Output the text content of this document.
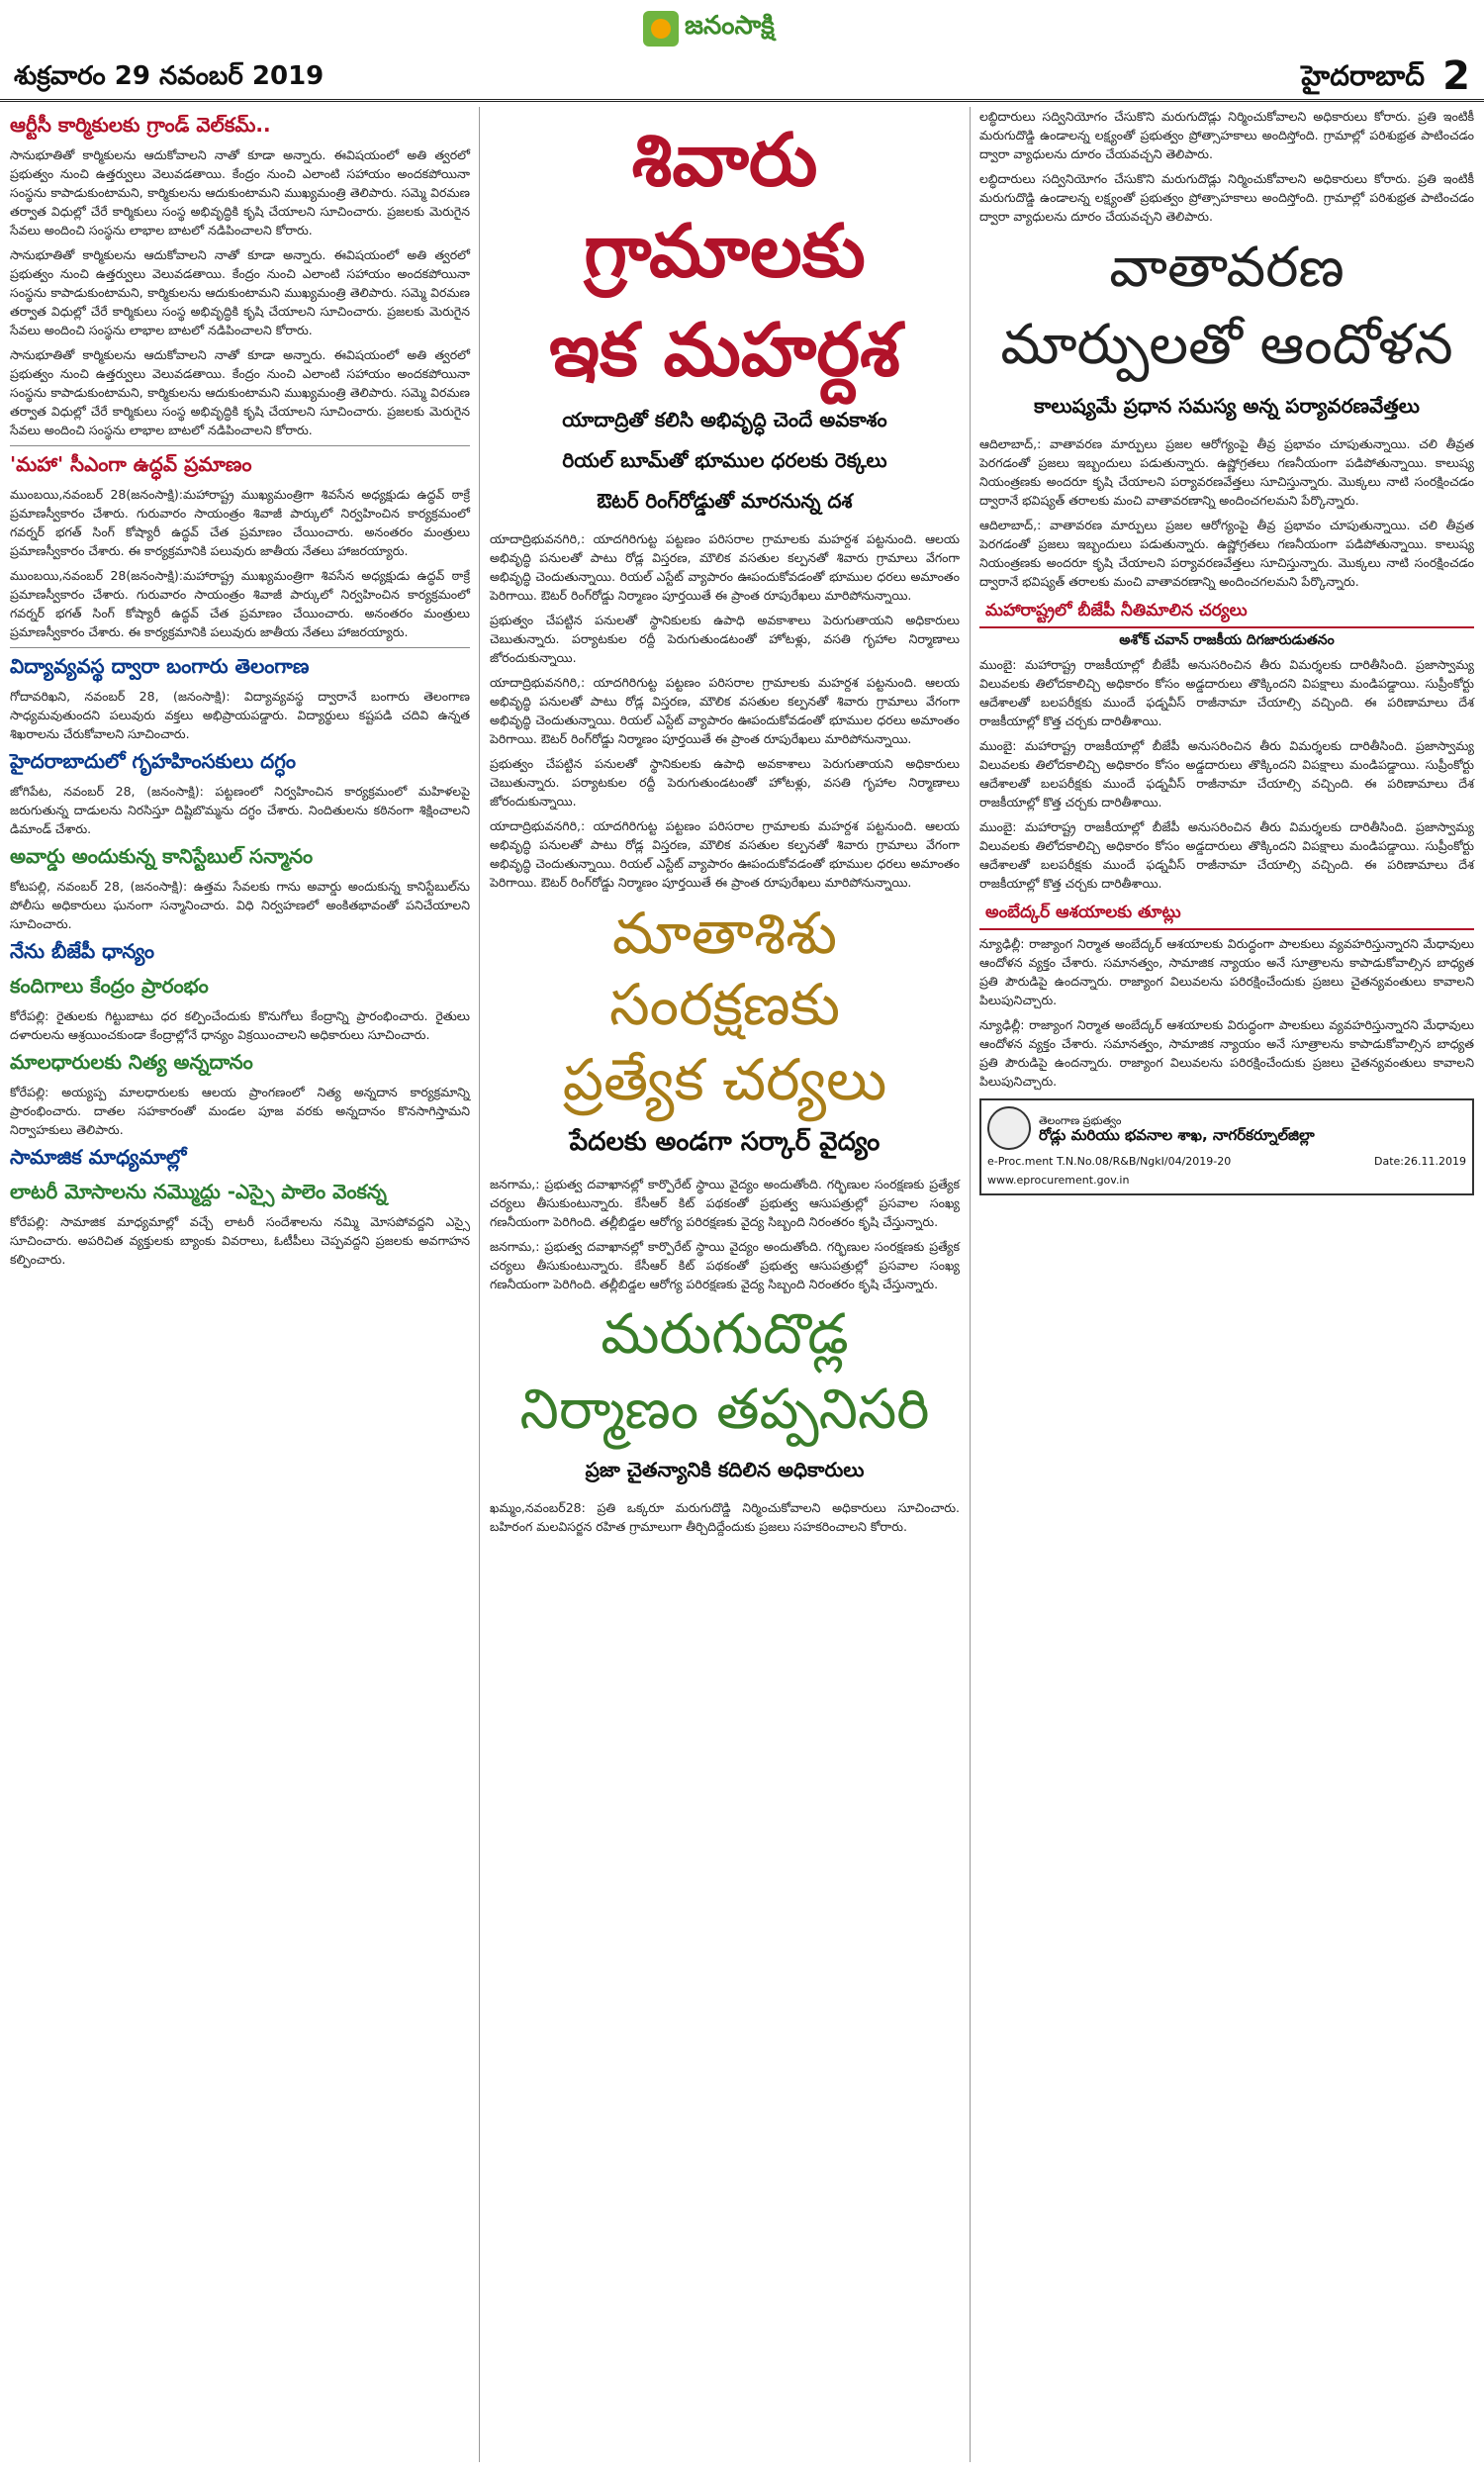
శుక్రవారం 29 నవంబర్ 2019
జనంసాక్షి
హైదరాబాద్ 2
ఆర్టీసీ కార్మికులకు గ్రాండ్ వెల్‌కమ్..

సానుభూతితో కార్మికులను ఆదుకోవాలని నాతో కూడా అన్నారు. ఈవిషయంలో అతి త్వరలో ప్రభుత్వం నుంచి ఉత్తర్వులు వెలువడతాయి. కేంద్రం నుంచి ఎలాంటి సహాయం అందకపోయినా సంస్థను కాపాడుకుంటామని, కార్మికులను ఆదుకుంటామని ముఖ్యమంత్రి తెలిపారు. సమ్మె విరమణ తర్వాత విధుల్లో చేరే కార్మికులు సంస్థ అభివృద్ధికి కృషి చేయాలని సూచించారు. ప్రజలకు మెరుగైన సేవలు అందించి సంస్థను లాభాల బాటలో నడిపించాలని కోరారు.

సానుభూతితో కార్మికులను ఆదుకోవాలని నాతో కూడా అన్నారు. ఈవిషయంలో అతి త్వరలో ప్రభుత్వం నుంచి ఉత్తర్వులు వెలువడతాయి. కేంద్రం నుంచి ఎలాంటి సహాయం అందకపోయినా సంస్థను కాపాడుకుంటామని, కార్మికులను ఆదుకుంటామని ముఖ్యమంత్రి తెలిపారు. సమ్మె విరమణ తర్వాత విధుల్లో చేరే కార్మికులు సంస్థ అభివృద్ధికి కృషి చేయాలని సూచించారు. ప్రజలకు మెరుగైన సేవలు అందించి సంస్థను లాభాల బాటలో నడిపించాలని కోరారు.

సానుభూతితో కార్మికులను ఆదుకోవాలని నాతో కూడా అన్నారు. ఈవిషయంలో అతి త్వరలో ప్రభుత్వం నుంచి ఉత్తర్వులు వెలువడతాయి. కేంద్రం నుంచి ఎలాంటి సహాయం అందకపోయినా సంస్థను కాపాడుకుంటామని, కార్మికులను ఆదుకుంటామని ముఖ్యమంత్రి తెలిపారు. సమ్మె విరమణ తర్వాత విధుల్లో చేరే కార్మికులు సంస్థ అభివృద్ధికి కృషి చేయాలని సూచించారు. ప్రజలకు మెరుగైన సేవలు అందించి సంస్థను లాభాల బాటలో నడిపించాలని కోరారు.

'మహా' సీఎంగా ఉద్ధవ్ ప్రమాణం

ముంబయి,నవంబర్ 28(జనంసాక్షి):మహారాష్ట్ర ముఖ్యమంత్రిగా శివసేన అధ్యక్షుడు ఉద్ధవ్ ఠాక్రే ప్రమాణస్వీకారం చేశారు. గురువారం సాయంత్రం శివాజీ పార్కులో నిర్వహించిన కార్యక్రమంలో గవర్నర్ భగత్ సింగ్ కోష్యారీ ఉద్ధవ్ చేత ప్రమాణం చేయించారు. అనంతరం మంత్రులు ప్రమాణస్వీకారం చేశారు. ఈ కార్యక్రమానికి పలువురు జాతీయ నేతలు హాజరయ్యారు.

ముంబయి,నవంబర్ 28(జనంసాక్షి):మహారాష్ట్ర ముఖ్యమంత్రిగా శివసేన అధ్యక్షుడు ఉద్ధవ్ ఠాక్రే ప్రమాణస్వీకారం చేశారు. గురువారం సాయంత్రం శివాజీ పార్కులో నిర్వహించిన కార్యక్రమంలో గవర్నర్ భగత్ సింగ్ కోష్యారీ ఉద్ధవ్ చేత ప్రమాణం చేయించారు. అనంతరం మంత్రులు ప్రమాణస్వీకారం చేశారు. ఈ కార్యక్రమానికి పలువురు జాతీయ నేతలు హాజరయ్యారు.

విద్యావ్యవస్థ ద్వారా బంగారు తెలంగాణ

గోదావరిఖని, నవంబర్ 28, (జనంసాక్షి): విద్యావ్యవస్థ ద్వారానే బంగారు తెలంగాణ సాధ్యమవుతుందని పలువురు వక్తలు అభిప్రాయపడ్డారు. విద్యార్థులు కష్టపడి చదివి ఉన్నత శిఖరాలను చేరుకోవాలని సూచించారు.

హైదరాబాదులో గృహహింసకులు దగ్ధం

జోగిపేట, నవంబర్ 28, (జనంసాక్షి): పట్టణంలో నిర్వహించిన కార్యక్రమంలో మహిళలపై జరుగుతున్న దాడులను నిరసిస్తూ దిష్టిబొమ్మను దగ్ధం చేశారు. నిందితులను కఠినంగా శిక్షించాలని డిమాండ్ చేశారు.

అవార్డు అందుకున్న కానిస్టేబుల్ సన్మానం

కోటపల్లి, నవంబర్ 28, (జనంసాక్షి): ఉత్తమ సేవలకు గాను అవార్డు అందుకున్న కానిస్టేబుల్‌ను పోలీసు అధికారులు ఘనంగా సన్మానించారు. విధి నిర్వహణలో అంకితభావంతో పనిచేయాలని సూచించారు.

నేను బీజేపీ ధాన్యం
కందిగాలు కేంద్రం ప్రారంభం

కోరేపల్లి: రైతులకు గిట్టుబాటు ధర కల్పించేందుకు కొనుగోలు కేంద్రాన్ని ప్రారంభించారు. రైతులు దళారులను ఆశ్రయించకుండా కేంద్రాల్లోనే ధాన్యం విక్రయించాలని అధికారులు సూచించారు.

మాలధారులకు నిత్య అన్నదానం

కోరేపల్లి: అయ్యప్ప మాలధారులకు ఆలయ ప్రాంగణంలో నిత్య అన్నదాన కార్యక్రమాన్ని ప్రారంభించారు. దాతల సహకారంతో మండల పూజ వరకు అన్నదానం కొనసాగిస్తామని నిర్వాహకులు తెలిపారు.

సామాజిక మాధ్యమాల్లో
లాటరీ మోసాలను నమ్మొద్దు -ఎస్సై పాలెం వెంకన్న

కోరేపల్లి: సామాజిక మాధ్యమాల్లో వచ్చే లాటరీ సందేశాలను నమ్మి మోసపోవద్దని ఎస్సై సూచించారు. అపరిచిత వ్యక్తులకు బ్యాంకు వివరాలు, ఓటీపీలు చెప్పవద్దని ప్రజలకు అవగాహన కల్పించారు.

శివారు గ్రామాలకు
ఇక మహర్దశ
యాదాద్రితో కలిసి అభివృద్ధి చెందే అవకాశం
రియల్ బూమ్‌తో భూముల ధరలకు రెక్కలు
ఔటర్ రింగ్‌రోడ్డుతో మారనున్న దశ

యాదాద్రిభువనగిరి,: యాదగిరిగుట్ట పట్టణం పరిసరాల గ్రామాలకు మహర్దశ పట్టనుంది. ఆలయ అభివృద్ధి పనులతో పాటు రోడ్ల విస్తరణ, మౌలిక వసతుల కల్పనతో శివారు గ్రామాలు వేగంగా అభివృద్ధి చెందుతున్నాయి. రియల్ ఎస్టేట్ వ్యాపారం ఊపందుకోవడంతో భూముల ధరలు అమాంతం పెరిగాయి. ఔటర్ రింగ్‌రోడ్డు నిర్మాణం పూర్తయితే ఈ ప్రాంత రూపురేఖలు మారిపోనున్నాయి.

ప్రభుత్వం చేపట్టిన పనులతో స్థానికులకు ఉపాధి అవకాశాలు పెరుగుతాయని అధికారులు చెబుతున్నారు. పర్యాటకుల రద్దీ పెరుగుతుండటంతో హోటళ్లు, వసతి గృహాల నిర్మాణాలు జోరందుకున్నాయి.

యాదాద్రిభువనగిరి,: యాదగిరిగుట్ట పట్టణం పరిసరాల గ్రామాలకు మహర్దశ పట్టనుంది. ఆలయ అభివృద్ధి పనులతో పాటు రోడ్ల విస్తరణ, మౌలిక వసతుల కల్పనతో శివారు గ్రామాలు వేగంగా అభివృద్ధి చెందుతున్నాయి. రియల్ ఎస్టేట్ వ్యాపారం ఊపందుకోవడంతో భూముల ధరలు అమాంతం పెరిగాయి. ఔటర్ రింగ్‌రోడ్డు నిర్మాణం పూర్తయితే ఈ ప్రాంత రూపురేఖలు మారిపోనున్నాయి.

ప్రభుత్వం చేపట్టిన పనులతో స్థానికులకు ఉపాధి అవకాశాలు పెరుగుతాయని అధికారులు చెబుతున్నారు. పర్యాటకుల రద్దీ పెరుగుతుండటంతో హోటళ్లు, వసతి గృహాల నిర్మాణాలు జోరందుకున్నాయి.

యాదాద్రిభువనగిరి,: యాదగిరిగుట్ట పట్టణం పరిసరాల గ్రామాలకు మహర్దశ పట్టనుంది. ఆలయ అభివృద్ధి పనులతో పాటు రోడ్ల విస్తరణ, మౌలిక వసతుల కల్పనతో శివారు గ్రామాలు వేగంగా అభివృద్ధి చెందుతున్నాయి. రియల్ ఎస్టేట్ వ్యాపారం ఊపందుకోవడంతో భూముల ధరలు అమాంతం పెరిగాయి. ఔటర్ రింగ్‌రోడ్డు నిర్మాణం పూర్తయితే ఈ ప్రాంత రూపురేఖలు మారిపోనున్నాయి.

మాతాశిశు సంరక్షణకు
ప్రత్యేక చర్యలు
పేదలకు అండగా సర్కార్ వైద్యం

జనగామ,: ప్రభుత్వ దవాఖానల్లో కార్పొరేట్ స్థాయి వైద్యం అందుతోంది. గర్భిణుల సంరక్షణకు ప్రత్యేక చర్యలు తీసుకుంటున్నారు. కేసీఆర్ కిట్ పథకంతో ప్రభుత్వ ఆసుపత్రుల్లో ప్రసవాల సంఖ్య గణనీయంగా పెరిగింది. తల్లీబిడ్డల ఆరోగ్య పరిరక్షణకు వైద్య సిబ్బంది నిరంతరం కృషి చేస్తున్నారు.

జనగామ,: ప్రభుత్వ దవాఖానల్లో కార్పొరేట్ స్థాయి వైద్యం అందుతోంది. గర్భిణుల సంరక్షణకు ప్రత్యేక చర్యలు తీసుకుంటున్నారు. కేసీఆర్ కిట్ పథకంతో ప్రభుత్వ ఆసుపత్రుల్లో ప్రసవాల సంఖ్య గణనీయంగా పెరిగింది. తల్లీబిడ్డల ఆరోగ్య పరిరక్షణకు వైద్య సిబ్బంది నిరంతరం కృషి చేస్తున్నారు.

మరుగుదొడ్ల
నిర్మాణం తప్పనిసరి
ప్రజా చైతన్యానికి కదిలిన అధికారులు

ఖమ్మం,నవంబర్28: ప్రతి ఒక్కరూ మరుగుదొడ్డి నిర్మించుకోవాలని అధికారులు సూచించారు. బహిరంగ మలవిసర్జన రహిత గ్రామాలుగా తీర్చిదిద్దేందుకు ప్రజలు సహకరించాలని కోరారు.

లబ్ధిదారులు సద్వినియోగం చేసుకొని మరుగుదొడ్లు నిర్మించుకోవాలని అధికారులు కోరారు. ప్రతి ఇంటికీ మరుగుదొడ్డి ఉండాలన్న లక్ష్యంతో ప్రభుత్వం ప్రోత్సాహకాలు అందిస్తోంది. గ్రామాల్లో పరిశుభ్రత పాటించడం ద్వారా వ్యాధులను దూరం చేయవచ్చని తెలిపారు.

లబ్ధిదారులు సద్వినియోగం చేసుకొని మరుగుదొడ్లు నిర్మించుకోవాలని అధికారులు కోరారు. ప్రతి ఇంటికీ మరుగుదొడ్డి ఉండాలన్న లక్ష్యంతో ప్రభుత్వం ప్రోత్సాహకాలు అందిస్తోంది. గ్రామాల్లో పరిశుభ్రత పాటించడం ద్వారా వ్యాధులను దూరం చేయవచ్చని తెలిపారు.

వాతావరణ
మార్పులతో ఆందోళన
కాలుష్యమే ప్రధాన సమస్య అన్న పర్యావరణవేత్తలు

ఆదిలాబాద్,: వాతావరణ మార్పులు ప్రజల ఆరోగ్యంపై తీవ్ర ప్రభావం చూపుతున్నాయి. చలి తీవ్రత పెరగడంతో ప్రజలు ఇబ్బందులు పడుతున్నారు. ఉష్ణోగ్రతలు గణనీయంగా పడిపోతున్నాయి. కాలుష్య నియంత్రణకు అందరూ కృషి చేయాలని పర్యావరణవేత్తలు సూచిస్తున్నారు. మొక్కలు నాటి సంరక్షించడం ద్వారానే భవిష్యత్ తరాలకు మంచి వాతావరణాన్ని అందించగలమని పేర్కొన్నారు.

ఆదిలాబాద్,: వాతావరణ మార్పులు ప్రజల ఆరోగ్యంపై తీవ్ర ప్రభావం చూపుతున్నాయి. చలి తీవ్రత పెరగడంతో ప్రజలు ఇబ్బందులు పడుతున్నారు. ఉష్ణోగ్రతలు గణనీయంగా పడిపోతున్నాయి. కాలుష్య నియంత్రణకు అందరూ కృషి చేయాలని పర్యావరణవేత్తలు సూచిస్తున్నారు. మొక్కలు నాటి సంరక్షించడం ద్వారానే భవిష్యత్ తరాలకు మంచి వాతావరణాన్ని అందించగలమని పేర్కొన్నారు.

మహారాష్ట్రలో బీజేపీ నీతిమాలిన చర్యలు
అశోక్ చవాన్ రాజకీయ దిగజారుడుతనం

ముంబై: మహారాష్ట్ర రాజకీయాల్లో బీజేపీ అనుసరించిన తీరు విమర్శలకు దారితీసింది. ప్రజాస్వామ్య విలువలకు తిలోదకాలిచ్చి అధికారం కోసం అడ్డదారులు తొక్కిందని విపక్షాలు మండిపడ్డాయి. సుప్రీంకోర్టు ఆదేశాలతో బలపరీక్షకు ముందే ఫడ్నవీస్ రాజీనామా చేయాల్సి వచ్చింది. ఈ పరిణామాలు దేశ రాజకీయాల్లో కొత్త చర్చకు దారితీశాయి.

ముంబై: మహారాష్ట్ర రాజకీయాల్లో బీజేపీ అనుసరించిన తీరు విమర్శలకు దారితీసింది. ప్రజాస్వామ్య విలువలకు తిలోదకాలిచ్చి అధికారం కోసం అడ్డదారులు తొక్కిందని విపక్షాలు మండిపడ్డాయి. సుప్రీంకోర్టు ఆదేశాలతో బలపరీక్షకు ముందే ఫడ్నవీస్ రాజీనామా చేయాల్సి వచ్చింది. ఈ పరిణామాలు దేశ రాజకీయాల్లో కొత్త చర్చకు దారితీశాయి.

ముంబై: మహారాష్ట్ర రాజకీయాల్లో బీజేపీ అనుసరించిన తీరు విమర్శలకు దారితీసింది. ప్రజాస్వామ్య విలువలకు తిలోదకాలిచ్చి అధికారం కోసం అడ్డదారులు తొక్కిందని విపక్షాలు మండిపడ్డాయి. సుప్రీంకోర్టు ఆదేశాలతో బలపరీక్షకు ముందే ఫడ్నవీస్ రాజీనామా చేయాల్సి వచ్చింది. ఈ పరిణామాలు దేశ రాజకీయాల్లో కొత్త చర్చకు దారితీశాయి.

అంబేద్కర్ ఆశయాలకు తూట్లు

న్యూఢిల్లీ: రాజ్యాంగ నిర్మాత అంబేద్కర్ ఆశయాలకు విరుద్ధంగా పాలకులు వ్యవహరిస్తున్నారని మేధావులు ఆందోళన వ్యక్తం చేశారు. సమానత్వం, సామాజిక న్యాయం అనే సూత్రాలను కాపాడుకోవాల్సిన బాధ్యత ప్రతి పౌరుడిపై ఉందన్నారు. రాజ్యాంగ విలువలను పరిరక్షించేందుకు ప్రజలు చైతన్యవంతులు కావాలని పిలుపునిచ్చారు.

న్యూఢిల్లీ: రాజ్యాంగ నిర్మాత అంబేద్కర్ ఆశయాలకు విరుద్ధంగా పాలకులు వ్యవహరిస్తున్నారని మేధావులు ఆందోళన వ్యక్తం చేశారు. సమానత్వం, సామాజిక న్యాయం అనే సూత్రాలను కాపాడుకోవాల్సిన బాధ్యత ప్రతి పౌరుడిపై ఉందన్నారు. రాజ్యాంగ విలువలను పరిరక్షించేందుకు ప్రజలు చైతన్యవంతులు కావాలని పిలుపునిచ్చారు.

తెలంగాణ ప్రభుత్వం
రోడ్లు మరియు భవనాల శాఖ, నాగర్‌కర్నూల్‌జిల్లా
e-Proc.ment T.N.No.08/R&B/NgkI/04/2019-20	Date:26.11.2019
www.eprocurement.gov.in
